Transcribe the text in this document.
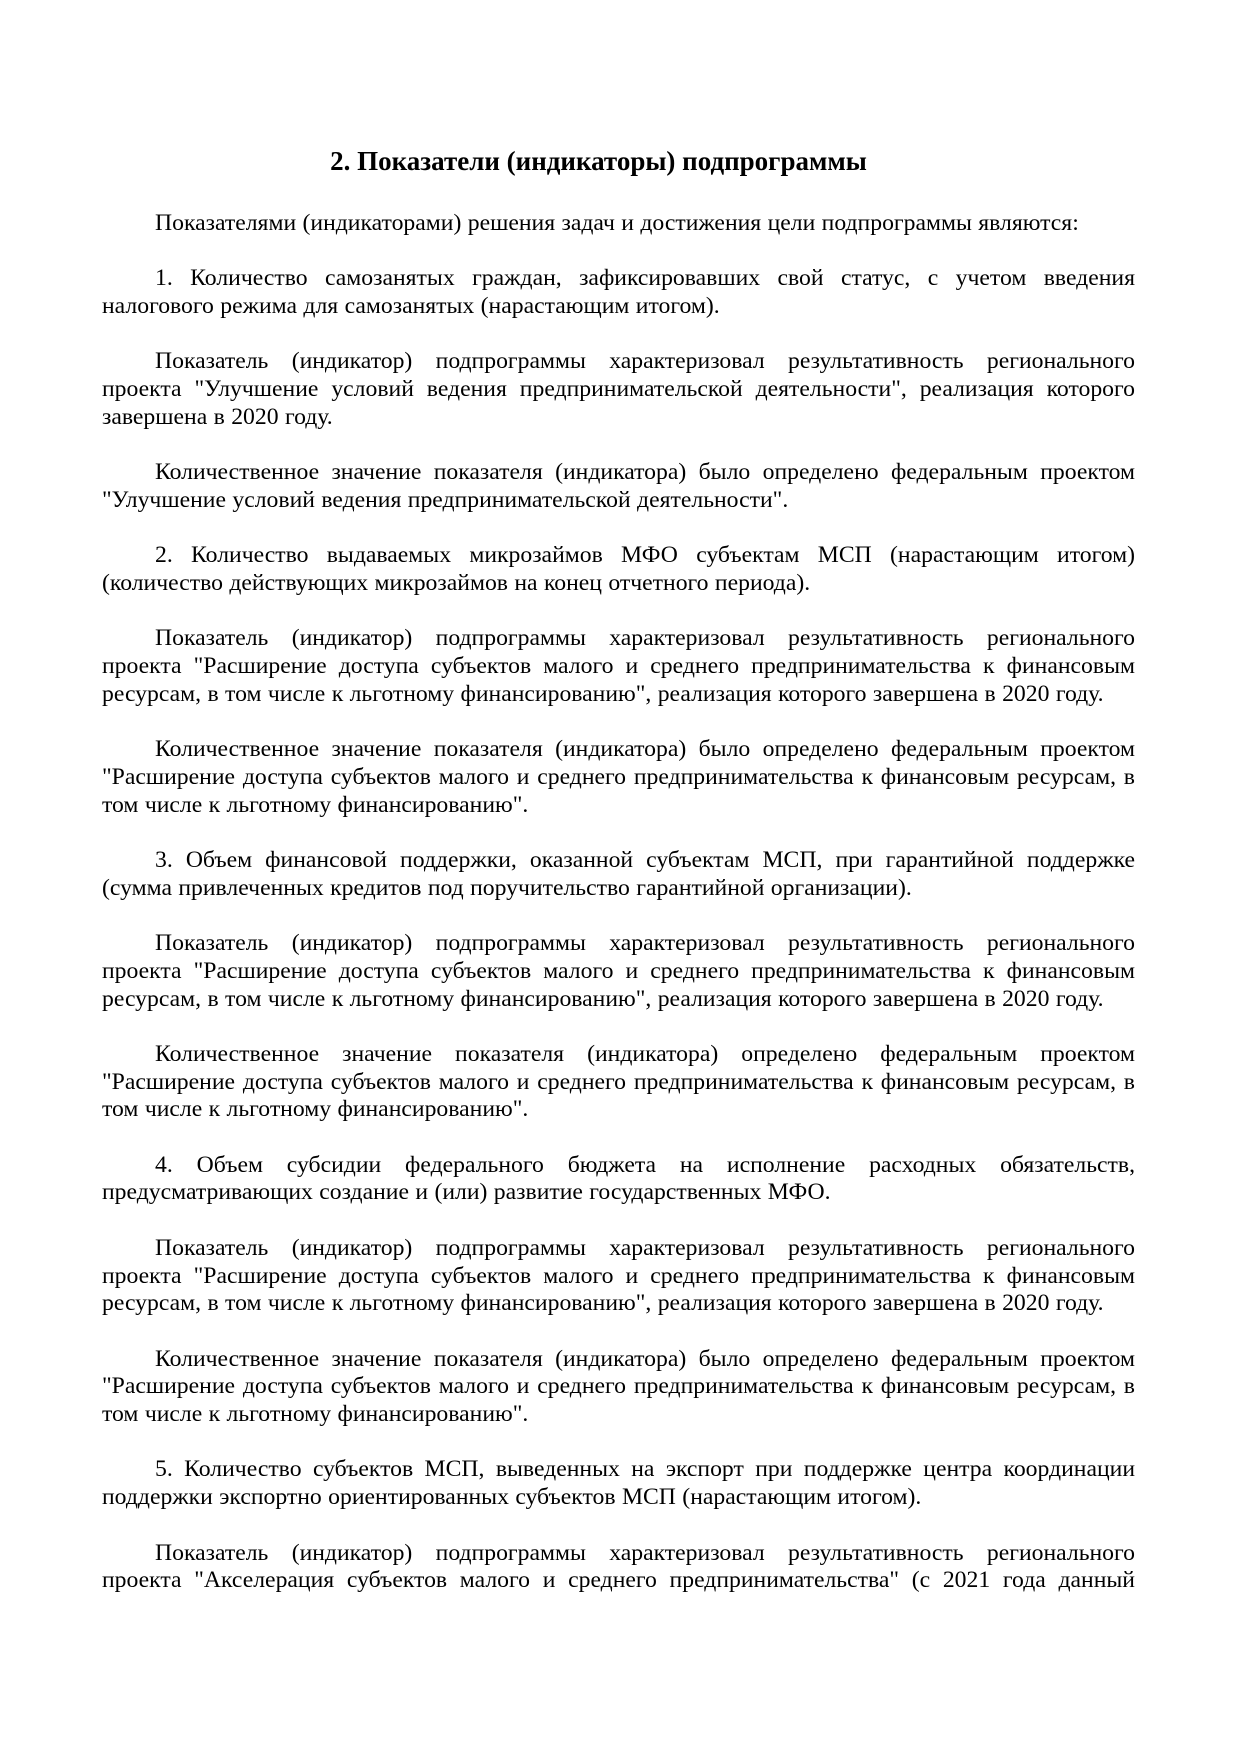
2. Показатели (индикаторы) подпрограммы

Показателями (индикаторами) решения задач и достижения цели подпрограммы являются:

1. Количество самозанятых граждан, зафиксировавших свой статус, с учетом введения налогового режима для самозанятых (нарастающим итогом).

Показатель (индикатор) подпрограммы характеризовал результативность регионального проекта "Улучшение условий ведения предпринимательской деятельности", реализация которого завершена в 2020 году.

Количественное значение показателя (индикатора) было определено федеральным проектом "Улучшение условий ведения предпринимательской деятельности".

2. Количество выдаваемых микрозаймов МФО субъектам МСП (нарастающим итогом) (количество действующих микрозаймов на конец отчетного периода).

Показатель (индикатор) подпрограммы характеризовал результативность регионального проекта "Расширение доступа субъектов малого и среднего предпринимательства к финансовым ресурсам, в том числе к льготному финансированию", реализация которого завершена в 2020 году.

Количественное значение показателя (индикатора) было определено федеральным проектом "Расширение доступа субъектов малого и среднего предпринимательства к финансовым ресурсам, в том числе к льготному финансированию".

3. Объем финансовой поддержки, оказанной субъектам МСП, при гарантийной поддержке (сумма привлеченных кредитов под поручительство гарантийной организации).

Показатель (индикатор) подпрограммы характеризовал результативность регионального проекта "Расширение доступа субъектов малого и среднего предпринимательства к финансовым ресурсам, в том числе к льготному финансированию", реализация которого завершена в 2020 году.

Количественное значение показателя (индикатора) определено федеральным проектом "Расширение доступа субъектов малого и среднего предпринимательства к финансовым ресурсам, в том числе к льготному финансированию".

4. Объем субсидии федерального бюджета на исполнение расходных обязательств, предусматривающих создание и (или) развитие государственных МФО.

Показатель (индикатор) подпрограммы характеризовал результативность регионального проекта "Расширение доступа субъектов малого и среднего предпринимательства к финансовым ресурсам, в том числе к льготному финансированию", реализация которого завершена в 2020 году.

Количественное значение показателя (индикатора) было определено федеральным проектом "Расширение доступа субъектов малого и среднего предпринимательства к финансовым ресурсам, в том числе к льготному финансированию".

5. Количество субъектов МСП, выведенных на экспорт при поддержке центра координации поддержки экспортно ориентированных субъектов МСП (нарастающим итогом).

Показатель (индикатор) подпрограммы характеризовал результативность регионального проекта "Акселерация субъектов малого и среднего предпринимательства" (с 2021 года данный
